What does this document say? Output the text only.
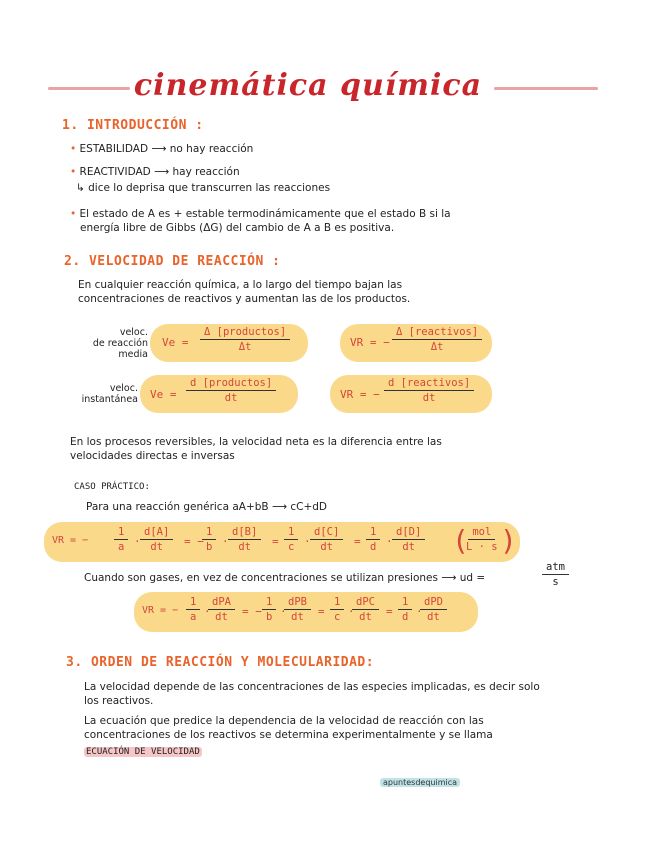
cinemática química
1. INTRODUCCIÓN :
• ESTABILIDAD ⟶ no hay reacción
• REACTIVIDAD ⟶ hay reacción
↳ dice lo deprisa que transcurren las reacciones
• El estado de A es + estable termodinámicamente que el estado B si la
energía libre de Gibbs (ΔG) del cambio de A a B es positiva.
2. VELOCIDAD DE REACCIÓN :
En cualquier reacción química, a lo largo del tiempo bajan las
concentraciones de reactivos y aumentan las de los productos.
veloc.
de reacción
media
Ve =
Δ [productos]
Δt	VR = −
Δ [reactivos]
Δt
veloc.
instantánea Ve =
d [productos]
dt	VR = −
d [reactivos]
dt
En los procesos reversibles, la velocidad neta es la diferencia entre las
velocidades directas e inversas
CASO PRÁCTICO:
Para una reacción genérica aA+bB ⟶ cC+dD
VR = − $\frac{1}{a} \cdot \frac{d[A]}{dt}$ = −
$\frac{1}{b} \cdot \frac{d[B]}{dt} = \frac{1}{c} \cdot \frac{d[C]}{dt} = \frac{1}{d} \cdot \frac{d[D]}{dt}$ ( mol
L · s )
Cuando son gases, en vez de concentraciones se utilizan presiones ⟶ ud =
atm
s
VR = − $\frac{1}{a}$ ·
dPA
dt = − $\frac{1}{b}$ ·
dPB
dt = $\frac{1}{c}$ ·
dPC
dt = $\frac{1}{d}$ ·
dPD
dt
3. ORDEN DE REACCIÓN Y MOLECULARIDAD:
La velocidad depende de las concentraciones de las especies implicadas, es decir solo
los reactivos.
La ecuación que predice la dependencia de la velocidad de reacción con las
concentraciones de los reactivos se determina experimentalmente y se llama
ECUACIÓN DE VELOCIDAD
apuntesdequimica
